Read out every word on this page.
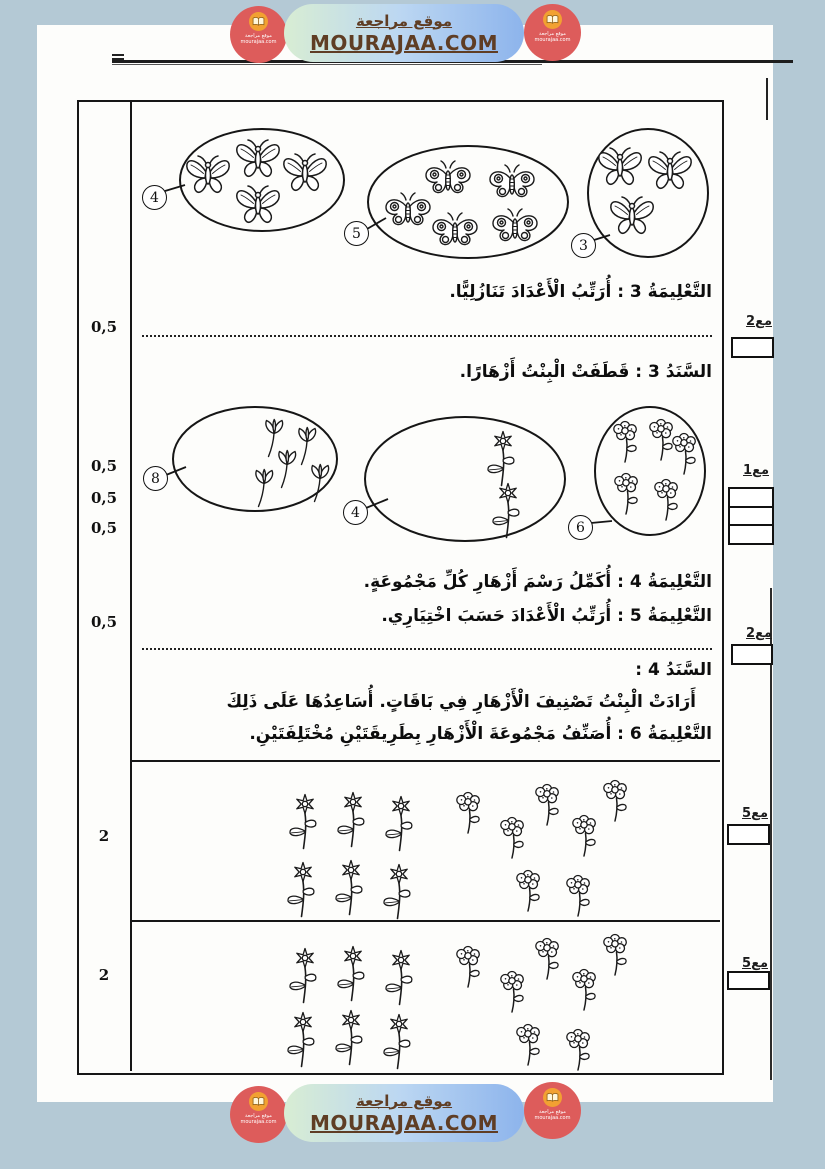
موقع مراجعة
mourajaa.com
موقع مراجعة
MOURAJAA.COM	موقع مراجعة
mourajaa.com
4
5
3
8
4
6
التَّعْلِيمَةُ 3 : أُرَتِّبُ الْأَعْدَادَ تَنَازُلِيًّا.
السَّنَدُ 3 : قَطَفَتْ الْبِنْتُ أَزْهَارًا.
التَّعْلِيمَةُ 4 : أُكَمِّلُ رَسْمَ أَزْهَارِ كُلِّ مَجْمُوعَةٍ.
التَّعْلِيمَةُ 5 : أُرَتِّبُ الْأَعْدَادَ حَسَبَ اخْتِيَارِي.
السَّنَدُ 4 :
أَرَادَتْ الْبِنْتُ تَصْنِيفَ الْأَزْهَارِ فِي بَاقَاتٍ. أُسَاعِدُهَا عَلَى ذَلِكَ
التَّعْلِيمَةُ 6 : أُصَنِّفُ مَجْمُوعَةَ الْأَزْهَارِ بِطَرِيقَتَيْنِ مُخْتَلِفَتَيْنِ.
0,5
0,5
0,5
0,5
0,5
2
2
مع2
مع1
مع2
مع5
مع5
موقع مراجعة
mourajaa.com
موقع مراجعة
mourajaa.com
موقع مراجعة
MOURAJAA.COM
